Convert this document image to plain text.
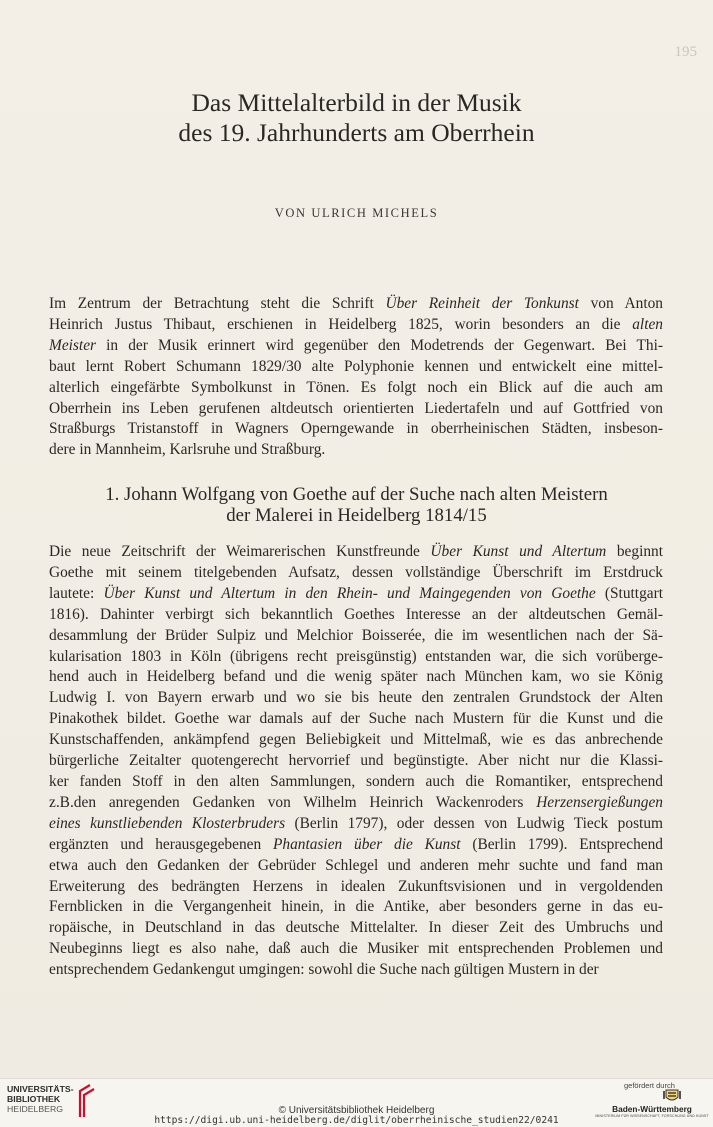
195
Das Mittelalterbild in der Musik
des 19. Jahrhunderts am Oberrhein
VON ULRICH MICHELS
Im Zentrum der Betrachtung steht die Schrift Über Reinheit der Tonkunst von Anton
Heinrich Justus Thibaut, erschienen in Heidelberg 1825, worin besonders an die alten
Meister in der Musik erinnert wird gegenüber den Modetrends der Gegenwart. Bei Thi-
baut lernt Robert Schumann 1829/30 alte Polyphonie kennen und entwickelt eine mittel-
alterlich eingefärbte Symbolkunst in Tönen. Es folgt noch ein Blick auf die auch am
Oberrhein ins Leben gerufenen altdeutsch orientierten Liedertafeln und auf Gottfried von
Straßburgs Tristanstoff in Wagners Operngewande in oberrheinischen Städten, insbeson-
dere in Mannheim, Karlsruhe und Straßburg.
1. Johann Wolfgang von Goethe auf der Suche nach alten Meistern
der Malerei in Heidelberg 1814/15
Die neue Zeitschrift der Weimarerischen Kunstfreunde Über Kunst und Altertum beginnt
Goethe mit seinem titelgebenden Aufsatz, dessen vollständige Überschrift im Erstdruck
lautete: Über Kunst und Altertum in den Rhein- und Maingegenden von Goethe (Stuttgart
1816). Dahinter verbirgt sich bekanntlich Goethes Interesse an der altdeutschen Gemäl-
desammlung der Brüder Sulpiz und Melchior Boisserée, die im wesentlichen nach der Sä-
kularisation 1803 in Köln (übrigens recht preisgünstig) entstanden war, die sich vorüberge-
hend auch in Heidelberg befand und die wenig später nach München kam, wo sie König
Ludwig I. von Bayern erwarb und wo sie bis heute den zentralen Grundstock der Alten
Pinakothek bildet. Goethe war damals auf der Suche nach Mustern für die Kunst und die
Kunstschaffenden, ankämpfend gegen Beliebigkeit und Mittelmaß, wie es das anbrechende
bürgerliche Zeitalter quotengerecht hervorrief und begünstigte. Aber nicht nur die Klassi-
ker fanden Stoff in den alten Sammlungen, sondern auch die Romantiker, entsprechend
z.B.den anregenden Gedanken von Wilhelm Heinrich Wackenroders Herzensergießungen
eines kunstliebenden Klosterbruders (Berlin 1797), oder dessen von Ludwig Tieck postum
ergänzten und herausgegebenen Phantasien über die Kunst (Berlin 1799). Entsprechend
etwa auch den Gedanken der Gebrüder Schlegel und anderen mehr suchte und fand man
Erweiterung des bedrängten Herzens in idealen Zukunftsvisionen und in vergoldenden
Fernblicken in die Vergangenheit hinein, in die Antike, aber besonders gerne in das eu-
ropäische, in Deutschland in das deutsche Mittelalter. In dieser Zeit des Umbruchs und
Neubeginns liegt es also nahe, daß auch die Musiker mit entsprechenden Problemen und
entsprechendem Gedankengut umgingen: sowohl die Suche nach gültigen Mustern in der
UNIVERSITÄTS-
BIBLIOTHEK
HEIDELBERG	© Universitätsbibliothek Heidelberg
https://digi.ub.uni-heidelberg.de/diglit/oberrheinische_studien22/0241
gefördert durch
Baden-Württemberg
MINISTERIUM FÜR WISSENSCHAFT, FORSCHUNG UND KUNST
